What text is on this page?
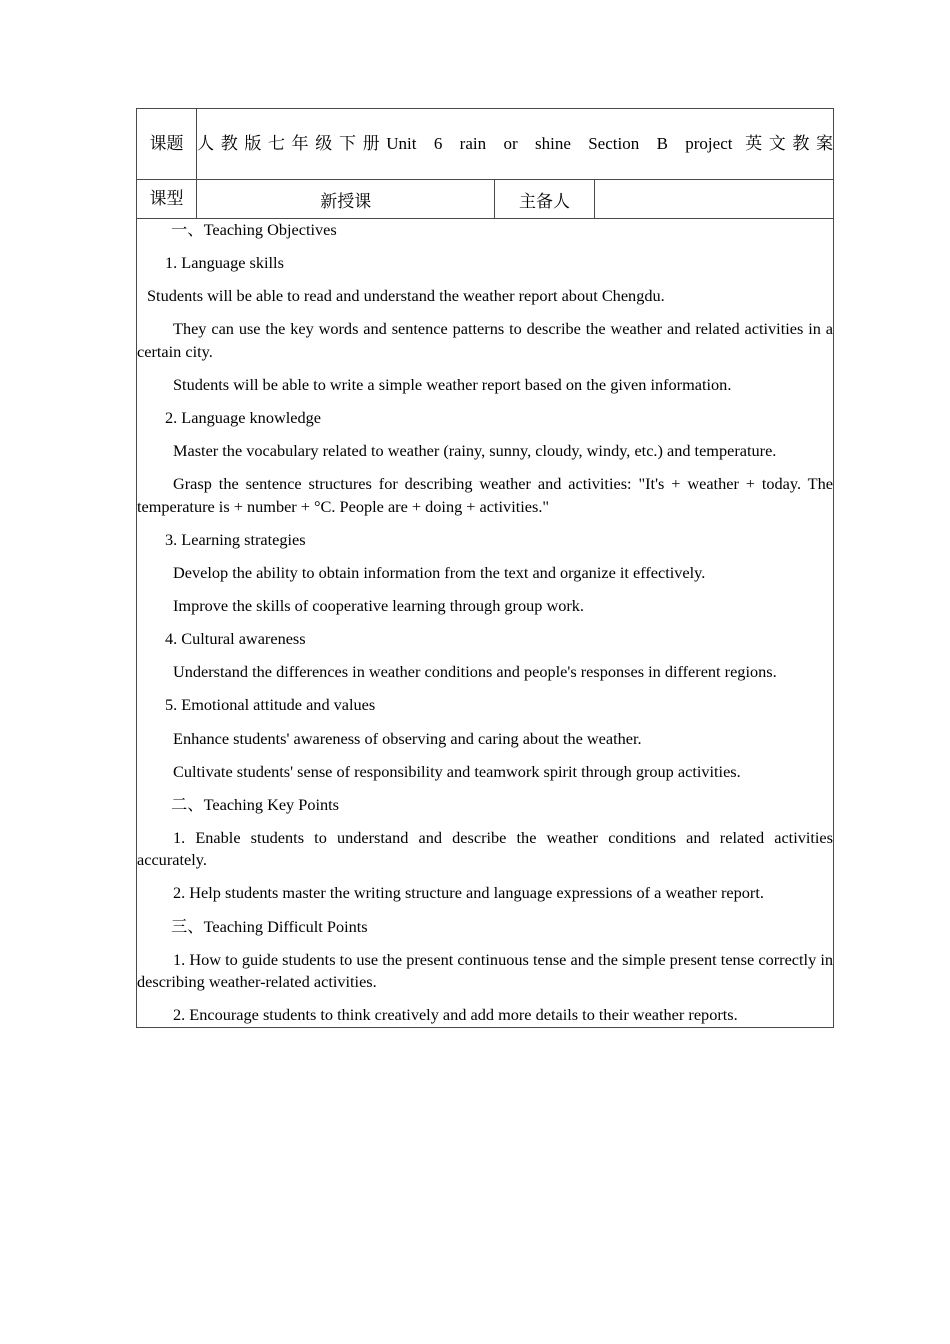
课题	人教版七年级下册Unit 6 rain or shine Section B project 英文教案		
课型	新授课	主备人	

一、Teaching Objectives

1. Language skills

Students will be able to read and understand the weather report about Chengdu.

They can use the key words and sentence patterns to describe the weather and related activities in a certain city.

Students will be able to write a simple weather report based on the given information.

2. Language knowledge

Master the vocabulary related to weather (rainy, sunny, cloudy, windy, etc.) and temperature.

Grasp the sentence structures for describing weather and activities: "It's + weather + today. The temperature is + number + °C. People are + doing + activities."

3. Learning strategies

Develop the ability to obtain information from the text and organize it effectively.

Improve the skills of cooperative learning through group work.

4. Cultural awareness

Understand the differences in weather conditions and people's responses in different regions.

5. Emotional attitude and values

Enhance students' awareness of observing and caring about the weather.

Cultivate students' sense of responsibility and teamwork spirit through group activities.

二、Teaching Key Points

1. Enable students to understand and describe the weather conditions and related activities accurately.

2. Help students master the writing structure and language expressions of a weather report.

三、Teaching Difficult Points

1. How to guide students to use the present continuous tense and the simple present tense correctly in describing weather-related activities.

2. Encourage students to think creatively and add more details to their weather reports.
